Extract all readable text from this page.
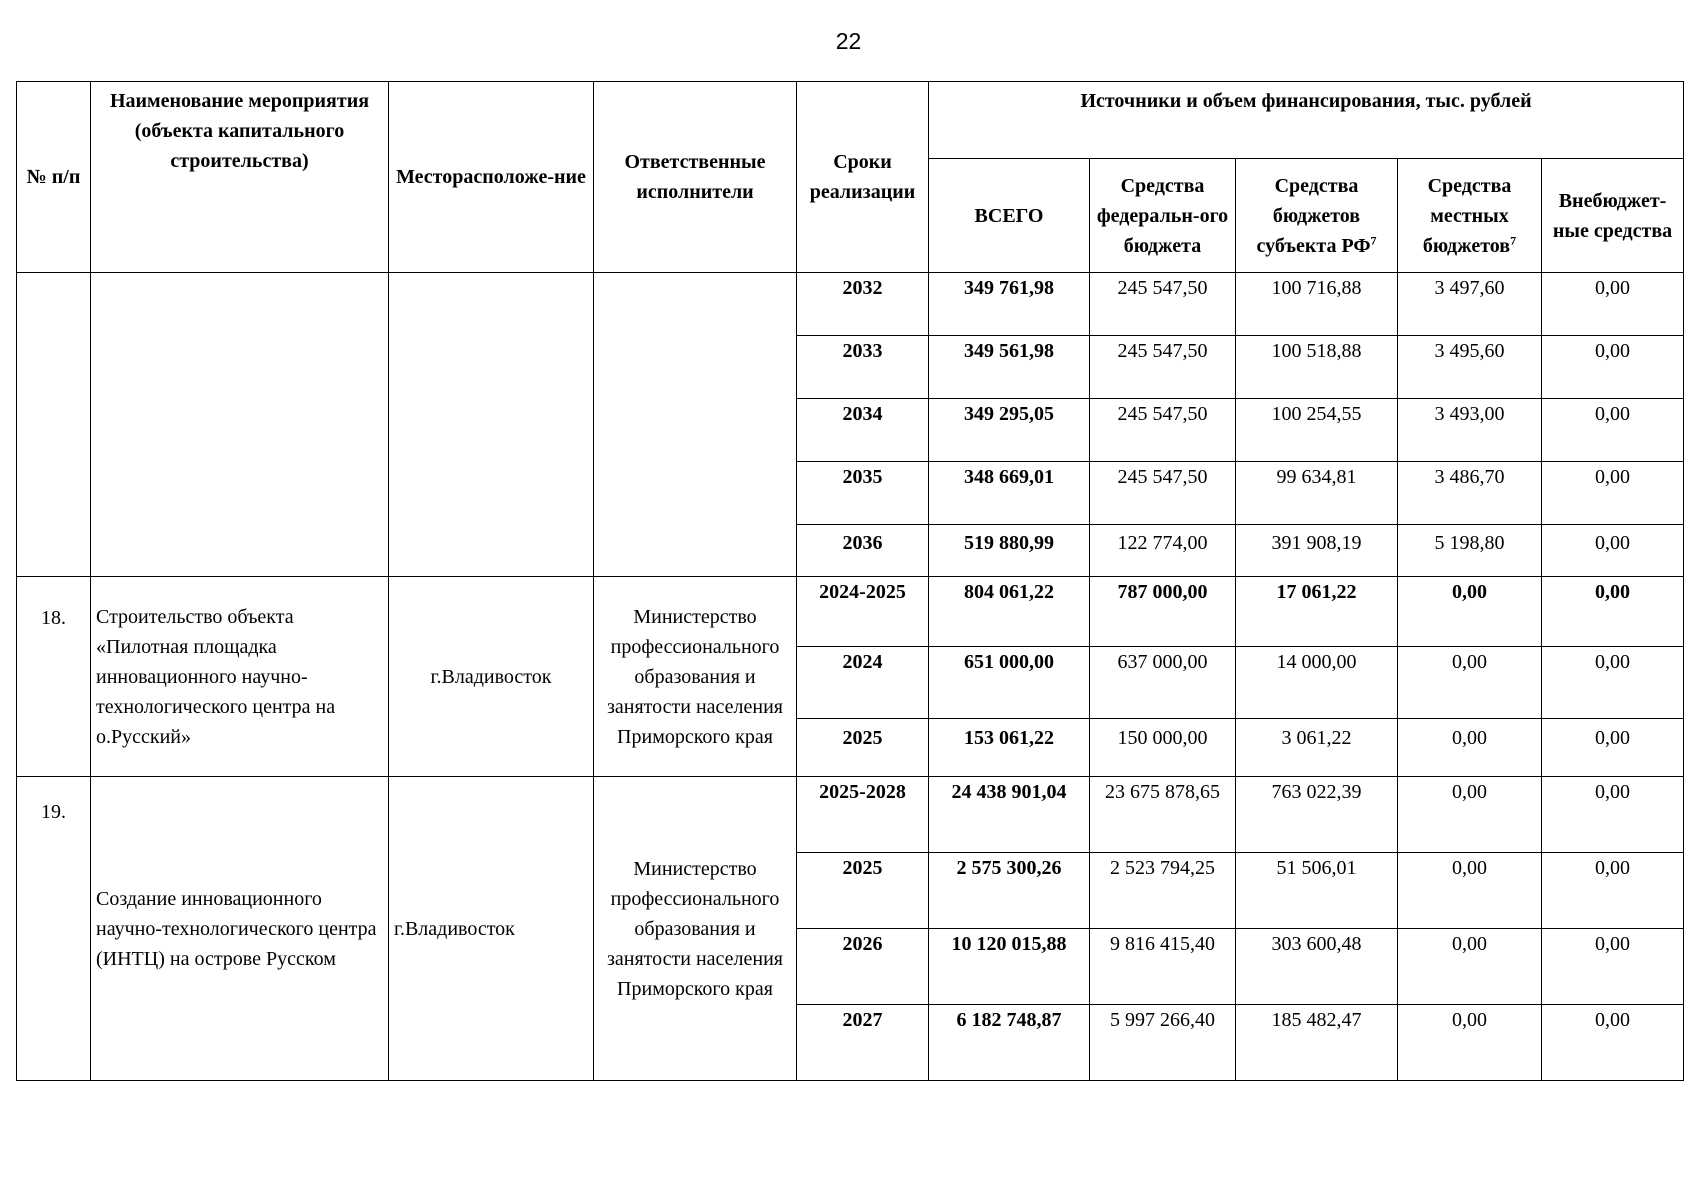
22
№ п/п	Наименование мероприятия (объекта капитального строительства)	Месторасположе-ние	Ответственные исполнители	Сроки реализации	Источники и объем финансирования, тыс. рублей				
					ВСЕГО	Средства федеральн-ого бюджета	Средства бюджетов субъекта $РФ^7$	Средства местных бюджетов$^7$	Внебюджет-ные средства
				2032	349 761,98	245 547,50	100 716,88	3 497,60	0,00
				2033	349 561,98	245 547,50	100 518,88	3 495,60	0,00
				2034	349 295,05	245 547,50	100 254,55	3 493,00	0,00
				2035	348 669,01	245 547,50	99 634,81	3 486,70	0,00
				2036	519 880,99	122 774,00	391 908,19	5 198,80	0,00
18.	Строительство объекта «Пилотная площадка инновационного научно-технологического центра на о.Русский»	г.Владивосток	Министерство профессионального образования и занятости населения Приморского края	2024-2025	804 061,22	787 000,00	17 061,22	0,00	0,00
				2024	651 000,00	637 000,00	14 000,00	0,00	0,00
				2025	153 061,22	150 000,00	3 061,22	0,00	0,00
19.	Создание инновационного научно-технологического центра (ИНТЦ) на острове Русском	г.Владивосток	Министерство профессионального образования и занятости населения Приморского края	2025-2028	24 438 901,04	23 675 878,65	763 022,39	0,00	0,00
				2025	2 575 300,26	2 523 794,25	51 506,01	0,00	0,00
				2026	10 120 015,88	9 816 415,40	303 600,48	0,00	0,00
				2027	6 182 748,87	5 997 266,40	185 482,47	0,00	0,00
